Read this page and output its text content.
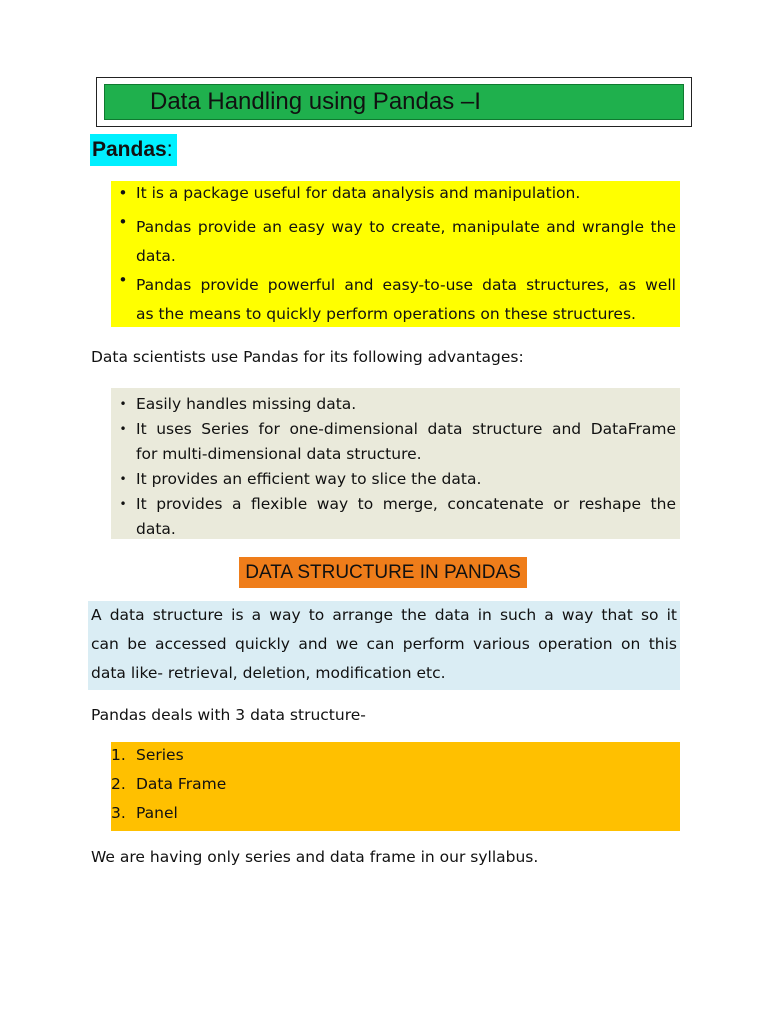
Data Handling using Pandas –I
Pandas:
• It is a package useful for data analysis and manipulation.
• Pandas provide an easy way to create, manipulate and wrangle the
data.
• Pandas provide powerful and easy-to-use data structures, as well
as the means to quickly perform operations on these structures.
Data scientists use Pandas for its following advantages:
• Easily handles missing data.
• It uses Series for one-dimensional data structure and DataFrame
for multi-dimensional data structure.
• It provides an efficient way to slice the data.
• It provides a flexible way to merge, concatenate or reshape the
data.
DATA STRUCTURE IN PANDAS
A data structure is a way to arrange the data in such a way that so it
can be accessed quickly and we can perform various operation on this
data like- retrieval, deletion, modification etc.
Pandas deals with 3 data structure-
1. Series
2. Data Frame
3. Panel
We are having only series and data frame in our syllabus.
